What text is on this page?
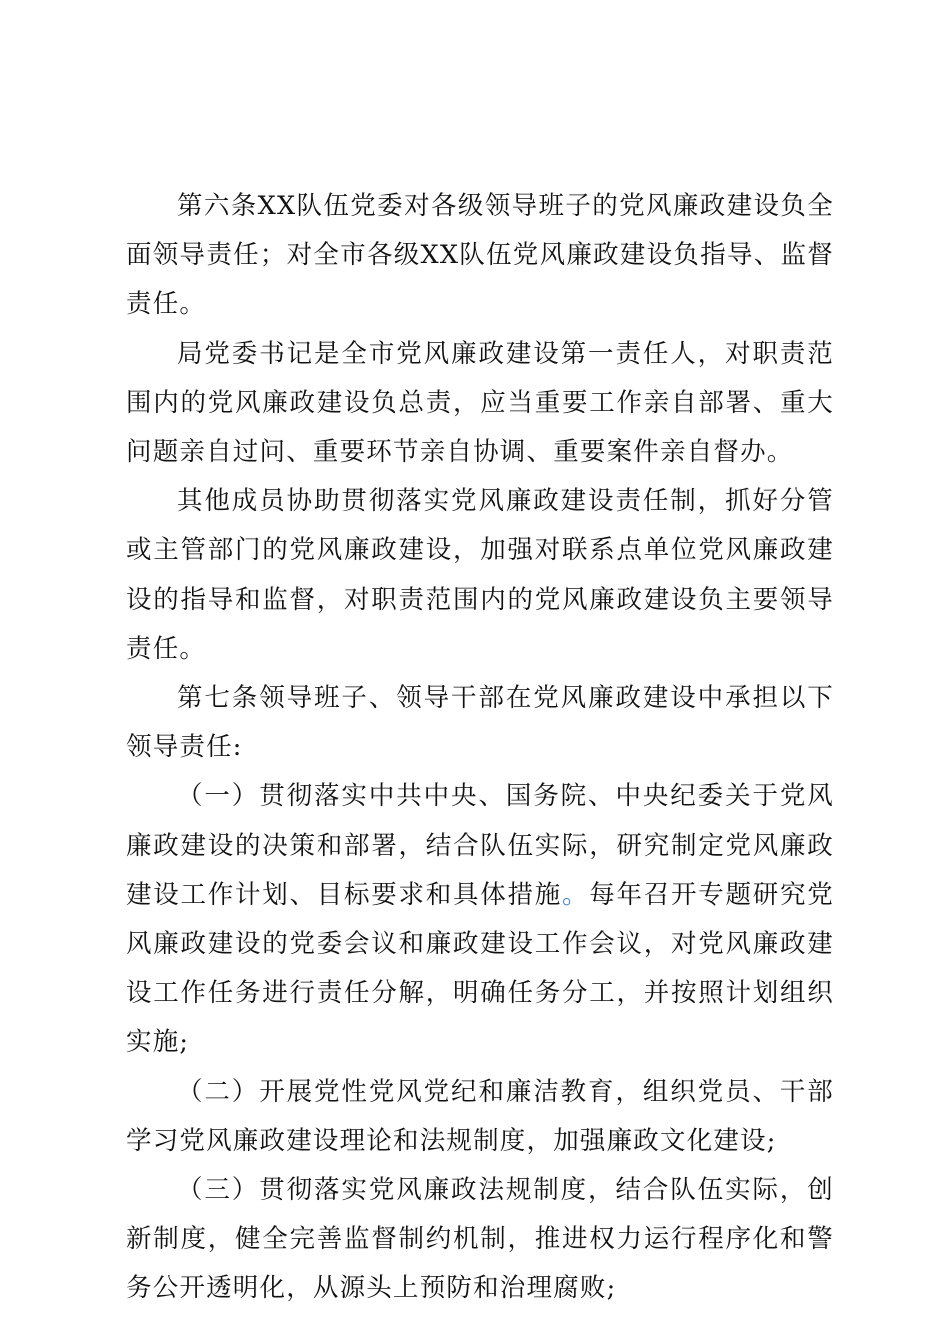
第六条XX队伍党委对各级领导班子的党风廉政建设负全面领导责任；对全市各级XX队伍党风廉政建设负指导、监督责任。

局党委书记是全市党风廉政建设第一责任人，对职责范围内的党风廉政建设负总责，应当重要工作亲自部署、重大问题亲自过问、重要环节亲自协调、重要案件亲自督办。

其他成员协助贯彻落实党风廉政建设责任制，抓好分管或主管部门的党风廉政建设，加强对联系点单位党风廉政建设的指导和监督，对职责范围内的党风廉政建设负主要领导责任。

第七条领导班子、领导干部在党风廉政建设中承担以下领导责任:

（一）贯彻落实中共中央、国务院、中央纪委关于党风廉政建设的决策和部署，结合队伍实际，研究制定党风廉政建设工作计划、目标要求和具体措施。每年召开专题研究党风廉政建设的党委会议和廉政建设工作会议，对党风廉政建设工作任务进行责任分解，明确任务分工，并按照计划组织实施;

（二）开展党性党风党纪和廉洁教育，组织党员、干部学习党风廉政建设理论和法规制度，加强廉政文化建设;

（三）贯彻落实党风廉政法规制度，结合队伍实际，创新制度，健全完善监督制约机制，推进权力运行程序化和警务公开透明化，从源头上预防和治理腐败;
